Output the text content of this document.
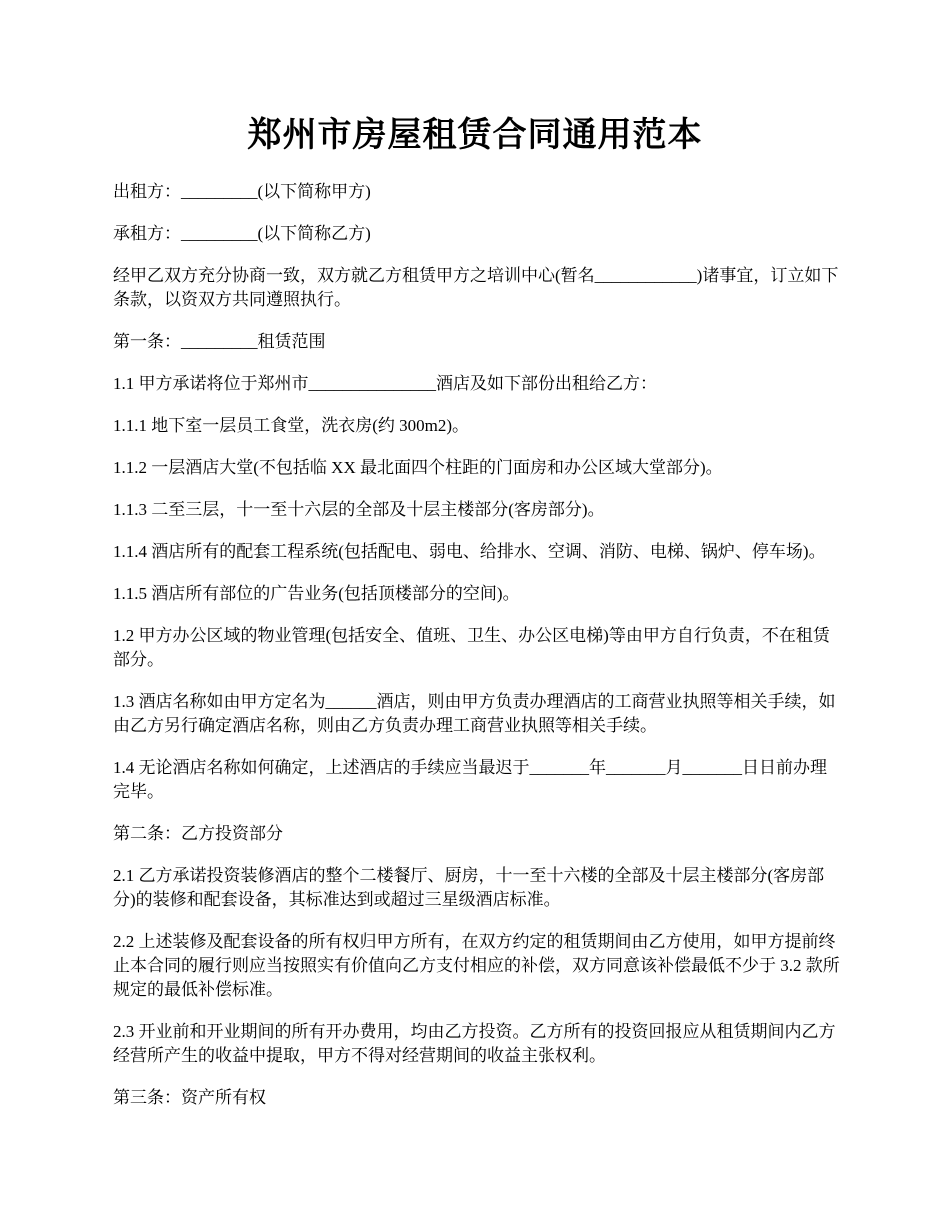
郑州市房屋租赁合同通用范本

出租方：_________(以下简称甲方)

承租方：_________(以下简称乙方)

经甲乙双方充分协商一致，双方就乙方租赁甲方之培训中心(暂名____________)诸事宜，订立如下条款，以资双方共同遵照执行。

第一条：_________租赁范围

1.1 甲方承诺将位于郑州市_______________酒店及如下部份出租给乙方：

1.1.1 地下室一层员工食堂，洗衣房(约 300m2)。

1.1.2 一层酒店大堂(不包括临 XX 最北面四个柱距的门面房和办公区域大堂部分)。

1.1.3 二至三层，十一至十六层的全部及十层主楼部分(客房部分)。

1.1.4 酒店所有的配套工程系统(包括配电、弱电、给排水、空调、消防、电梯、锅炉、停车场)。

1.1.5 酒店所有部位的广告业务(包括顶楼部分的空间)。

1.2 甲方办公区域的物业管理(包括安全、值班、卫生、办公区电梯)等由甲方自行负责，不在租赁部分。

1.3 酒店名称如由甲方定名为______酒店，则由甲方负责办理酒店的工商营业执照等相关手续，如由乙方另行确定酒店名称，则由乙方负责办理工商营业执照等相关手续。

1.4 无论酒店名称如何确定，上述酒店的手续应当最迟于_______年_______月_______日日前办理完毕。

第二条：乙方投资部分

2.1 乙方承诺投资装修酒店的整个二楼餐厅、厨房，十一至十六楼的全部及十层主楼部分(客房部分)的装修和配套设备，其标准达到或超过三星级酒店标准。

2.2 上述装修及配套设备的所有权归甲方所有，在双方约定的租赁期间由乙方使用，如甲方提前终止本合同的履行则应当按照实有价值向乙方支付相应的补偿，双方同意该补偿最低不少于 3.2 款所规定的最低补偿标准。

2.3 开业前和开业期间的所有开办费用，均由乙方投资。乙方所有的投资回报应从租赁期间内乙方经营所产生的收益中提取，甲方不得对经营期间的收益主张权利。

第三条：资产所有权
